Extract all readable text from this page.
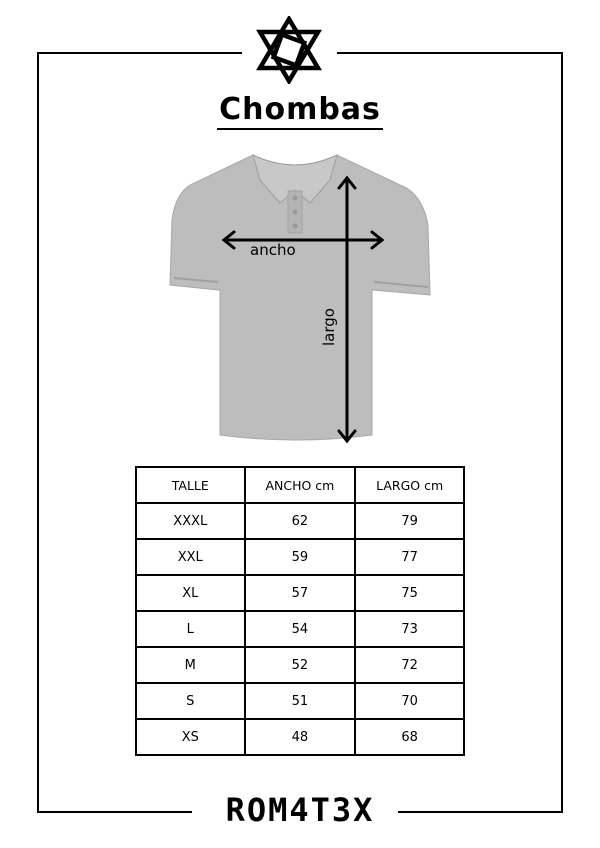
Chombas
ancho
largo
TALLE	ANCHO cm	LARGO cm
XXXL	62	79
XXL	59	77
XL	57	75
L	54	73
M	52	72
S	51	70
XS	48	68
ROM4T3X
